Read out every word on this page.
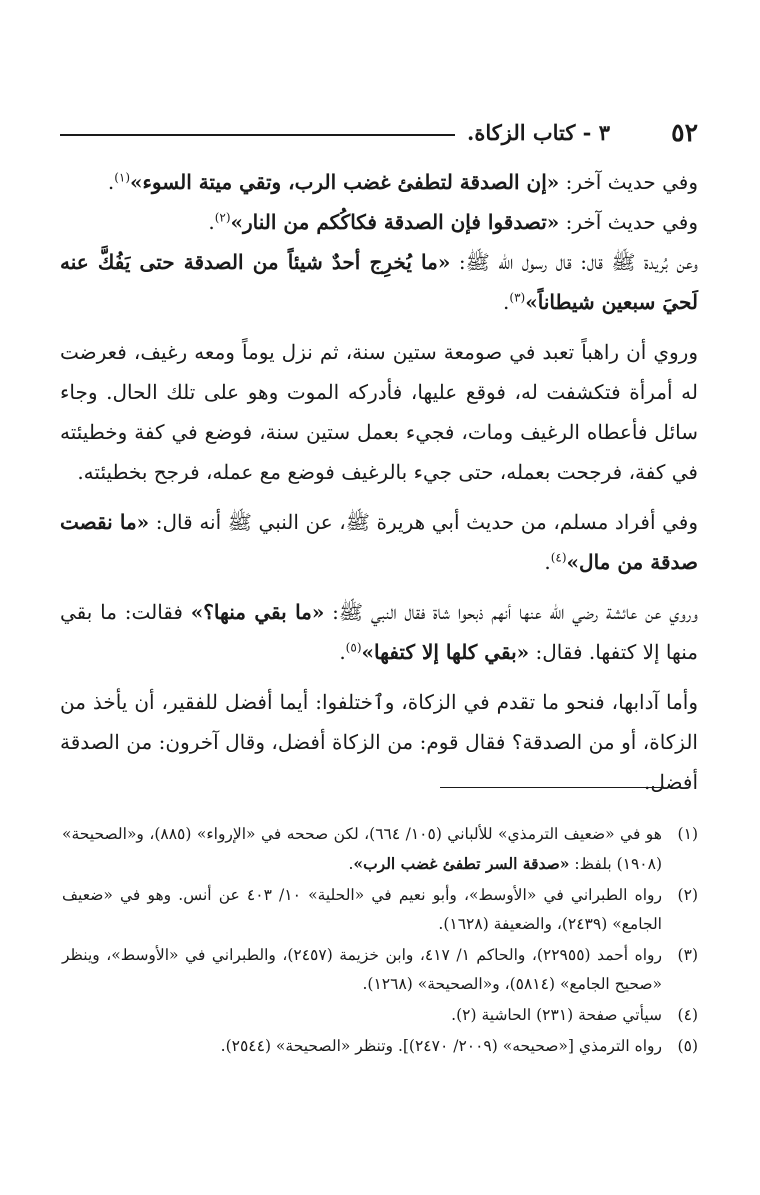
٥٢
٣ - كتاب الزكاة.

وفي حديث آخر: «إن الصدقة لتطفئ غضب الرب، وتقي ميتة السوء»$^{(١)}$.

وفي حديث آخر: «تصدقوا فإن الصدقة فكاكُكم من النار»$^{(٢)}$.

وعن بُريدة ﷺ قال: قال رسول الله ﷺ: «ما يُخرِج أحدٌ شيئاً من الصدقة حتى يَفُكَّ عنه لَحيَ سبعين شيطاناً»$^{(٣)}$.

وروي أن راهباً تعبد في صومعة ستين سنة، ثم نزل يوماً ومعه رغيف، فعرضت له أمرأة فتكشفت له، فوقع عليها، فأدركه الموت وهو على تلك الحال. وجاء سائل فأعطاه الرغيف ومات، فجيء بعمل ستين سنة، فوضع في كفة وخطيئته في كفة، فرجحت بعمله، حتى جيء بالرغيف فوضع مع عمله، فرجح بخطيئته.

وفي أفراد مسلم، من حديث أبي هريرة ﷺ، عن النبي ﷺ أنه قال: «ما نقصت صدقة من مال»$^{(٤)}$.

وروي عن عائشة رضي الله عنها أنهم ذبحوا شاة فقال النبي ﷺ: «ما بقي منها؟» فقالت: ما بقي منها إلا كتفها. فقال: «بقي كلها إلا كتفها»$^{(٥)}$.

وأما آدابها، فنحو ما تقدم في الزكاة، وٱختلفوا: أيما أفضل للفقير، أن يأخذ من الزكاة، أو من الصدقة؟ فقال قوم: من الزكاة أفضل، وقال آخرون: من الصدقة أفضل.

(١)
هو في «ضعيف الترمذي» للألباني (١٠٥/ ٦٦٤)، لكن صححه في «الإرواء» (٨٨٥)، و«الصحيحة» (١٩٠٨) بلفظ: «صدقة السر تطفئ غضب الرب».
(٢)
رواه الطبراني في «الأوسط»، وأبو نعيم في «الحلية» ١٠/ ٤٠٣ عن أنس. وهو في «ضعيف الجامع» (٢٤٣٩)، والضعيفة (١٦٢٨).
(٣)
رواه أحمد (٢٢٩٥٥)، والحاكم ١/ ٤١٧، وابن خزيمة (٢٤٥٧)، والطبراني في «الأوسط»، وينظر «صحيح الجامع» (٥٨١٤)، و«الصحيحة» (١٢٦٨).
(٤)
سيأتي صفحة (٢٣١) الحاشية (٢).
(٥)
رواه الترمذي [«صحيحه» (٢٠٠٩/ ٢٤٧٠)]. وتنظر «الصحيحة» (٢٥٤٤).
